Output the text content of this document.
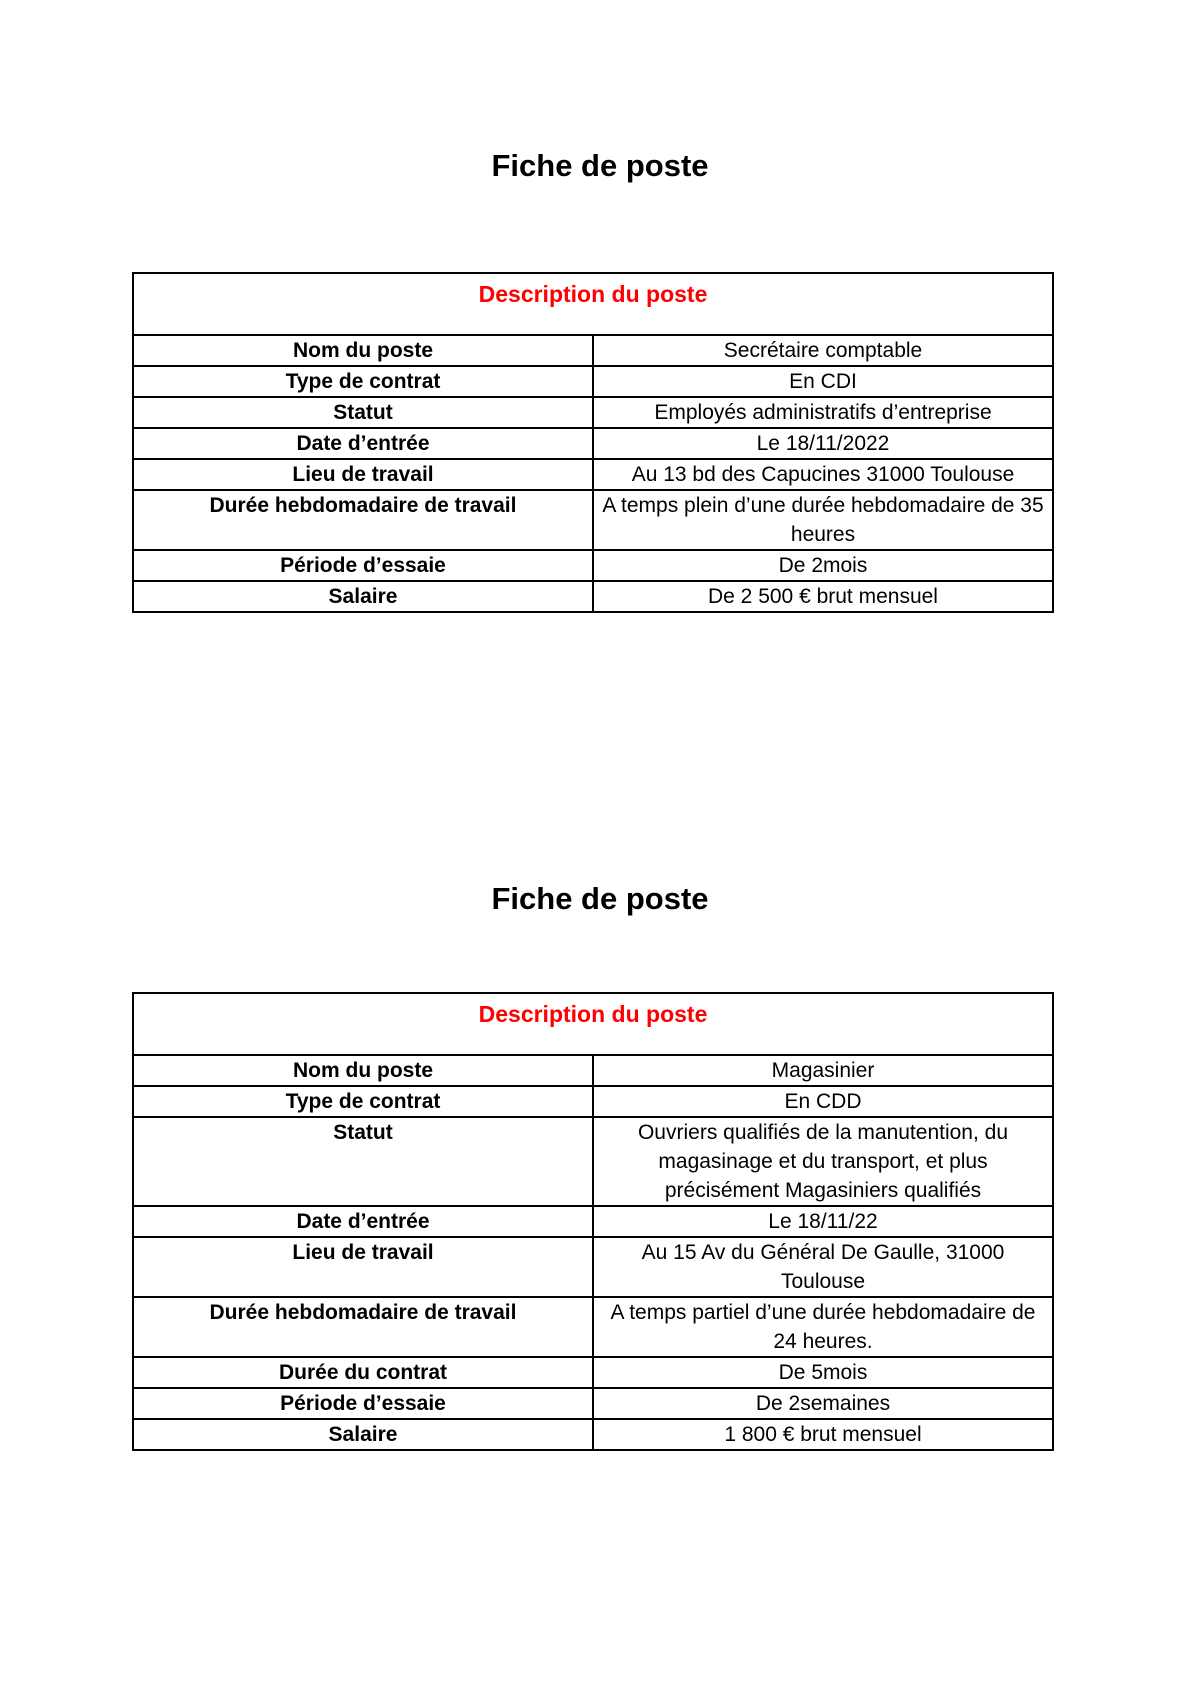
Fiche de poste
Description du poste	
Nom du poste	Secrétaire comptable
Type de contrat	En CDI
Statut	Employés administratifs d’entreprise
Date d’entrée	Le 18/11/2022
Lieu de travail	Au 13 bd des Capucines 31000 Toulouse
Durée hebdomadaire de travail	A temps plein d’une durée hebdomadaire de 35 heures
Période d’essaie	De 2mois
Salaire	De 2 500 € brut mensuel
Fiche de poste
Description du poste	
Nom du poste	Magasinier
Type de contrat	En CDD
Statut	Ouvriers qualifiés de la manutention, du magasinage et du transport, et plus précisément Magasiniers qualifiés
Date d’entrée	Le 18/11/22
Lieu de travail	Au 15 Av du Général De Gaulle, 31000 Toulouse
Durée hebdomadaire de travail	A temps partiel d’une durée hebdomadaire de 24 heures.
Durée du contrat	De 5mois
Période d’essaie	De 2semaines
Salaire	1 800 € brut mensuel
